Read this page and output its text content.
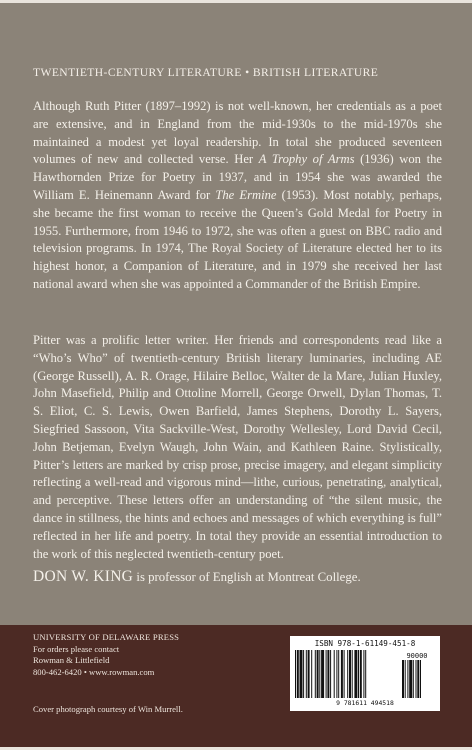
TWENTIETH-CENTURY LITERATURE • BRITISH LITERATURE

Although Ruth Pitter (1897–1992) is not well-known, her credentials as a poet are extensive, and in England from the mid-1930s to the mid-1970s she maintained a modest yet loyal readership. In total she produced seventeen volumes of new and collected verse. Her A Trophy of Arms (1936) won the Hawthornden Prize for Poetry in 1937, and in 1954 she was awarded the William E. Heinemann Award for The Ermine (1953). Most notably, perhaps, she became the first woman to receive the Queen’s Gold Medal for Poetry in 1955. Furthermore, from 1946 to 1972, she was often a guest on BBC radio and television programs. In 1974, The Royal Society of Literature elected her to its highest honor, a Companion of Literature, and in 1979 she received her last national award when she was appointed a Commander of the British Empire.

Pitter was a prolific letter writer. Her friends and correspondents read like a “Who’s Who” of twentieth-century British literary luminaries, including AE (George Russell), A. R. Orage, Hilaire Belloc, Walter de la Mare, Julian Huxley, John Masefield, Philip and Ottoline Morrell, George Orwell, Dylan Thomas, T. S. Eliot, C. S. Lewis, Owen Barfield, James Stephens, Dorothy L. Sayers, Siegfried Sassoon, Vita Sackville-West, Dorothy Wellesley, Lord David Cecil, John Betjeman, Evelyn Waugh, John Wain, and Kathleen Raine. Stylistically, Pitter’s letters are marked by crisp prose, precise imagery, and elegant simplicity reflecting a well-read and vigorous mind—lithe, curious, penetrating, analytical, and perceptive. These letters offer an understanding of “the silent music, the dance in stillness, the hints and echoes and messages of which everything is full” reflected in her life and poetry. In total they provide an essential introduction to the work of this neglected twentieth-century poet.

DON W. KING is professor of English at Montreat College.
UNIVERSITY OF DELAWARE PRESS
For orders please contact
Rowman & Littlefield
800-462-6420 • www.rowman.com
Cover photograph courtesy of Win Murrell.
ISBN 978-1-61149-451-8
90000
9 781611 494518
